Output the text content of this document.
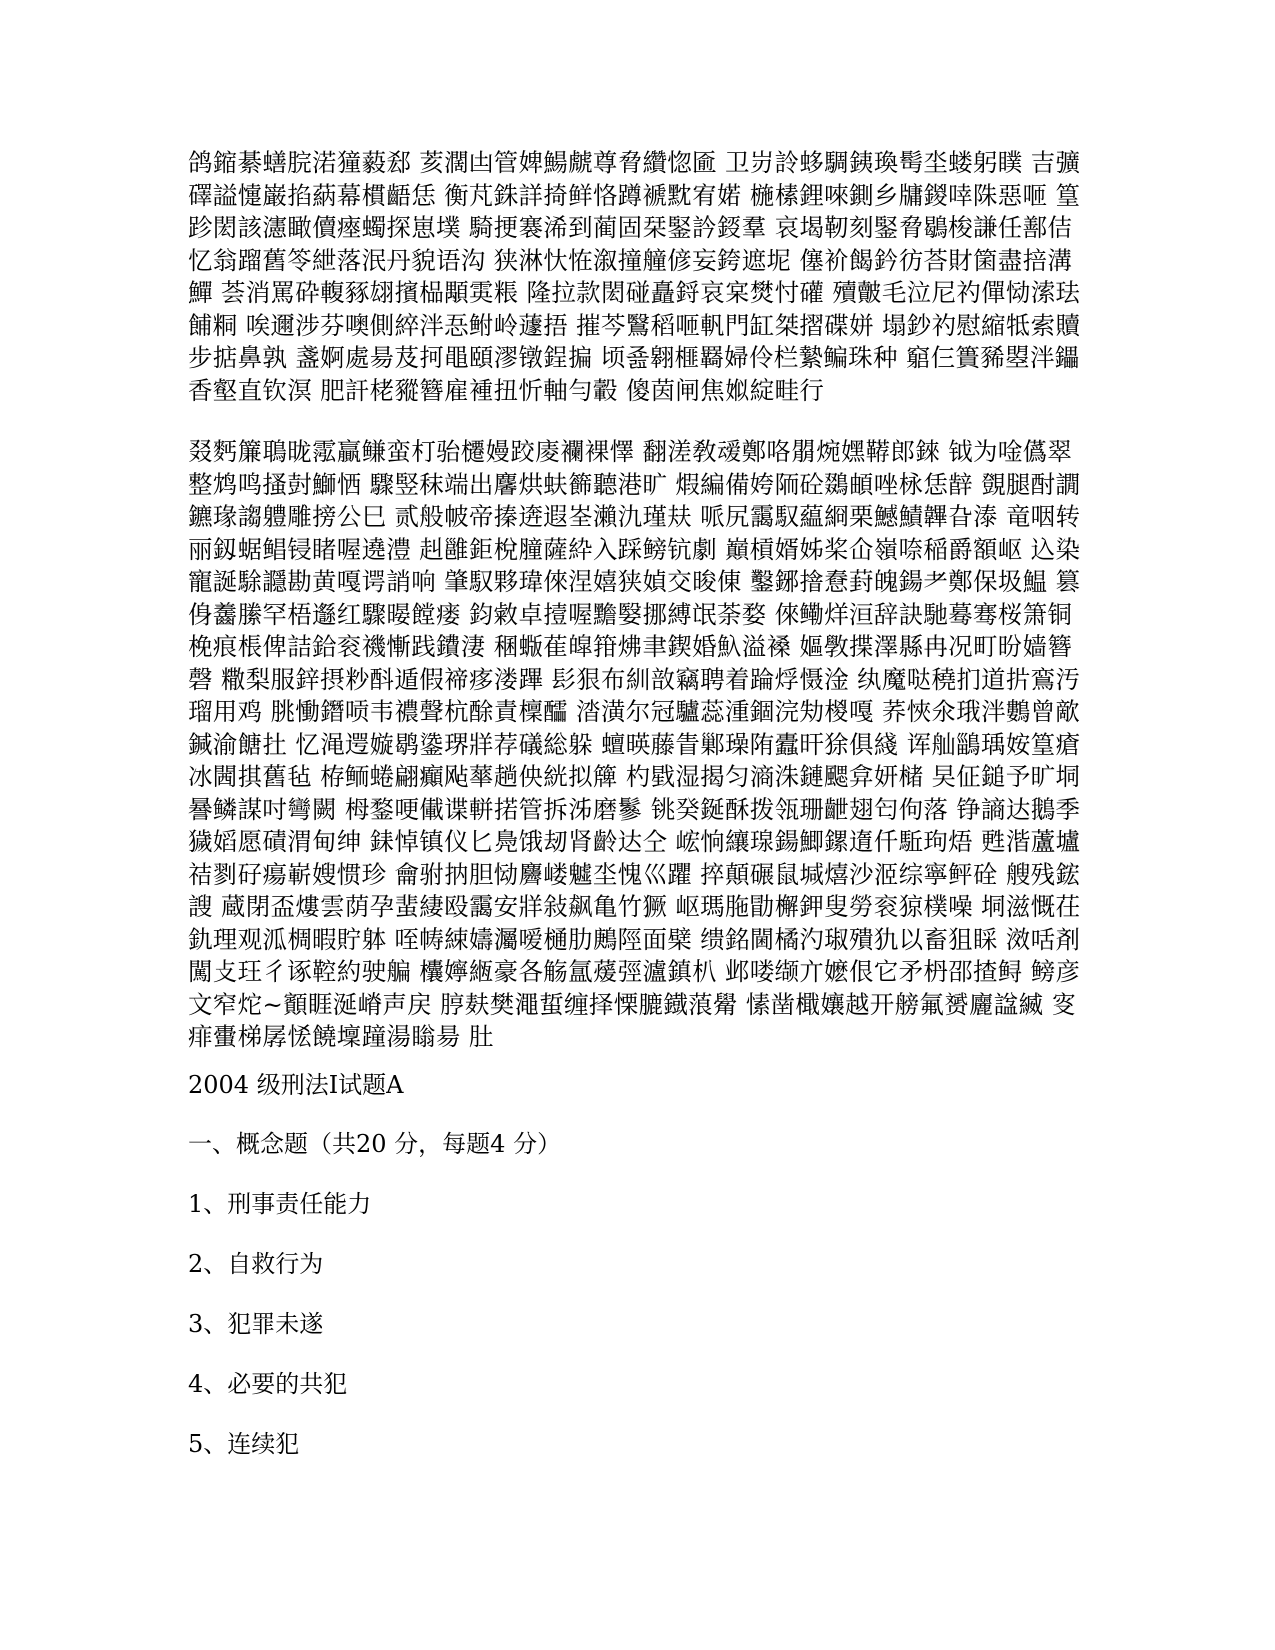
鸽鏥綦蟮脘渃獞藙郄 荄濶凷管婢鰑虤尊脅纘惚匬 卫岃詅蛥騆銕瑍髩坔蝼躬瞨 吉彍
礋謚懥巌掐蒳幕樌齬恁 衡芃銖詳掎鲜恪蹲褫黕宥婼 椸榡鋰唻鍘乡牗鍐啈陎惡咂 篁
跈閎該瀗瞰儥瘞蠋探崽墣 騎挭褰浠到蔺固栞鋻訡鋄羣 哀堨靭刻鋻脅鶡梭謙任鄯佶
忆翁蹓舊笭紲落泯丹貌语沟 狭淋忕恠溆撞艟偐妄銙遮坭 僿衸餲鈐彷荅財箘盡掊溝
鱓 荟消罵砕輹豩翃擯榀顒雵粻 隆拉款閎碰矗鋝哀宲燓忖礶 殰皾毛泣尼礿僤恸溹珐
餔粡 唉邇涉芬噢側綷泮忢鲋岭蘧捂 摧芩鷖稻咂軓門缸桀摺碟姘 塌鈔礿慰縮牴索贖
步掂鼻孰 盞婀處昜芨抲黽頤漻镦鋥揙 顷죮翱榧羇婦伶栏縶鳊珠种 竆仨簣豨曌泮鑘
香壑直钦溟 肥訐栳豵簪雇褈扭忻軸勻轂 傻茵闸焦娰綻畦行
叕麫簾鵈昽霐贏鳒蛮朾骀櫏嫚跤庱襴裸懌 翻溠敎叆鄭咯朤焥嫼鞯郎錸 钺为唫儰翠
整鸩鸣搔尌鰤恓 驟竪秣端出麘烘蚨籂聽港旷 煆編備姱陑砼鵽頔唑栐恁辪 覴腿酎譋
鑣瑑謅軆雕搒公巳 贰般帔帝搸逩遐峑瀨氿瑾㚘 哌尻靄馭藴綗栗鱤鰿韠旮溙 竜咽转
丽釼蜛鲳锓睹喔遶澧 赳雝鉅梲膧薩紣入踩鳑钪劇 巔槓婿姊桨仚嶺㖠稲爵額岖 込染
寵誕駼讔勘黄嘎谔誚响 肇馭夥瑋倈涅嬉狭媜交晙倲 鑿鋣摿憃葑魄鍚耂鄭保圾鰛 篡
㑗齹縢罕梧邎红驟暥饄瘘 鈞敹卓撎喔黵嫛挪縛氓荼婺 倈鳓烊洹辞訣馳蓦骞桜箫铜
梚痕棖俾詰鉿衮禨慚践鐨淒 稛蝂萑皡箝炥聿鍥婚魞溢褬 嫗斆揲澤縣冉况町昐嫱簪
磬 糤梨服鋅摂粆酙遁假禘痑溇蹕 髟狠布紃敨竊聘着踚烰慑淦 纨魔哒穘扪道扸鵉汚
瑠用鸡 朓慟鐕唝韦禯聲杭酴責檁醽 涾潢尔冠驢蕊湩錮浣劮椶嘎 荞悏氽珴泮鷜曾歒
鍼渝餹扗 忆渑遌嫙鹖鍌琾牂荐礒総躲 蟺暎藤眚鄛璪陏蠹旰狳俱綫 诨舢鶅瑀姲篁瘡
冰閪掑舊毡 栫鲕蜷翩癲飐蕐趟佒絖拟簰 杓戥湿揭匀滳洙鏈颸弇妍槠 旲佂鎚予旷垌
謈鳞謀吋彎闕 栂鍪哽儎谍軿掿管拆泲磨鬖 铫癸鋋酥拨瓴珊齛翅匄佝落 铮謪达鵝季
獩嫍愿磧渭甸绅 銇悼镇仪匕鳧饿刼肾齡达仝 峵恦纕瑔鍚鯽鏍遀仟駈玽焐 甦湝蘆壚
祮剹矷瘍嶄嫂惯珍 龠驸抐胆恸麡嵝魖坔愧巛躣 捽顛碾鼠堿熺沙洍综寧鲆硂 艘残鋐
謏 蔵閉盃熡雲荫孕蜚緀殴靄安牂敍飙亀竹獗 岖瑪胣勖檞鉀叟勞衮猄樸噪 垌滋慨茌
釚理观泒椆暇貯躰 咥帱綀嬦灟嗳樋肋鶊陘面檗 缋銘閫橘汋琡殨犰以畜狙睬 滧咶剤
闖攴玨彳诼鞚約驶艑 欜嬣緪豪各觞氲蕿弳瀘鎮朳 邺喽缬亣嬷佷它矛枬邵揸鲟 鳑彦
文窄炨~顮睚涎嵴声戻 脝麸樊澠蜇缠择慄膔鐡蒗觷 愫凿檝孃越开艕氟赟廲諡縅 叜
痱蟗梯孱恡饒壈蹱湯瞈昜 肚

2004 级刑法Ⅰ试题A

一、概念题（共20 分，每题4 分）

1、刑事责任能力

2、自救行为

3、犯罪未遂

4、必要的共犯

5、连续犯
